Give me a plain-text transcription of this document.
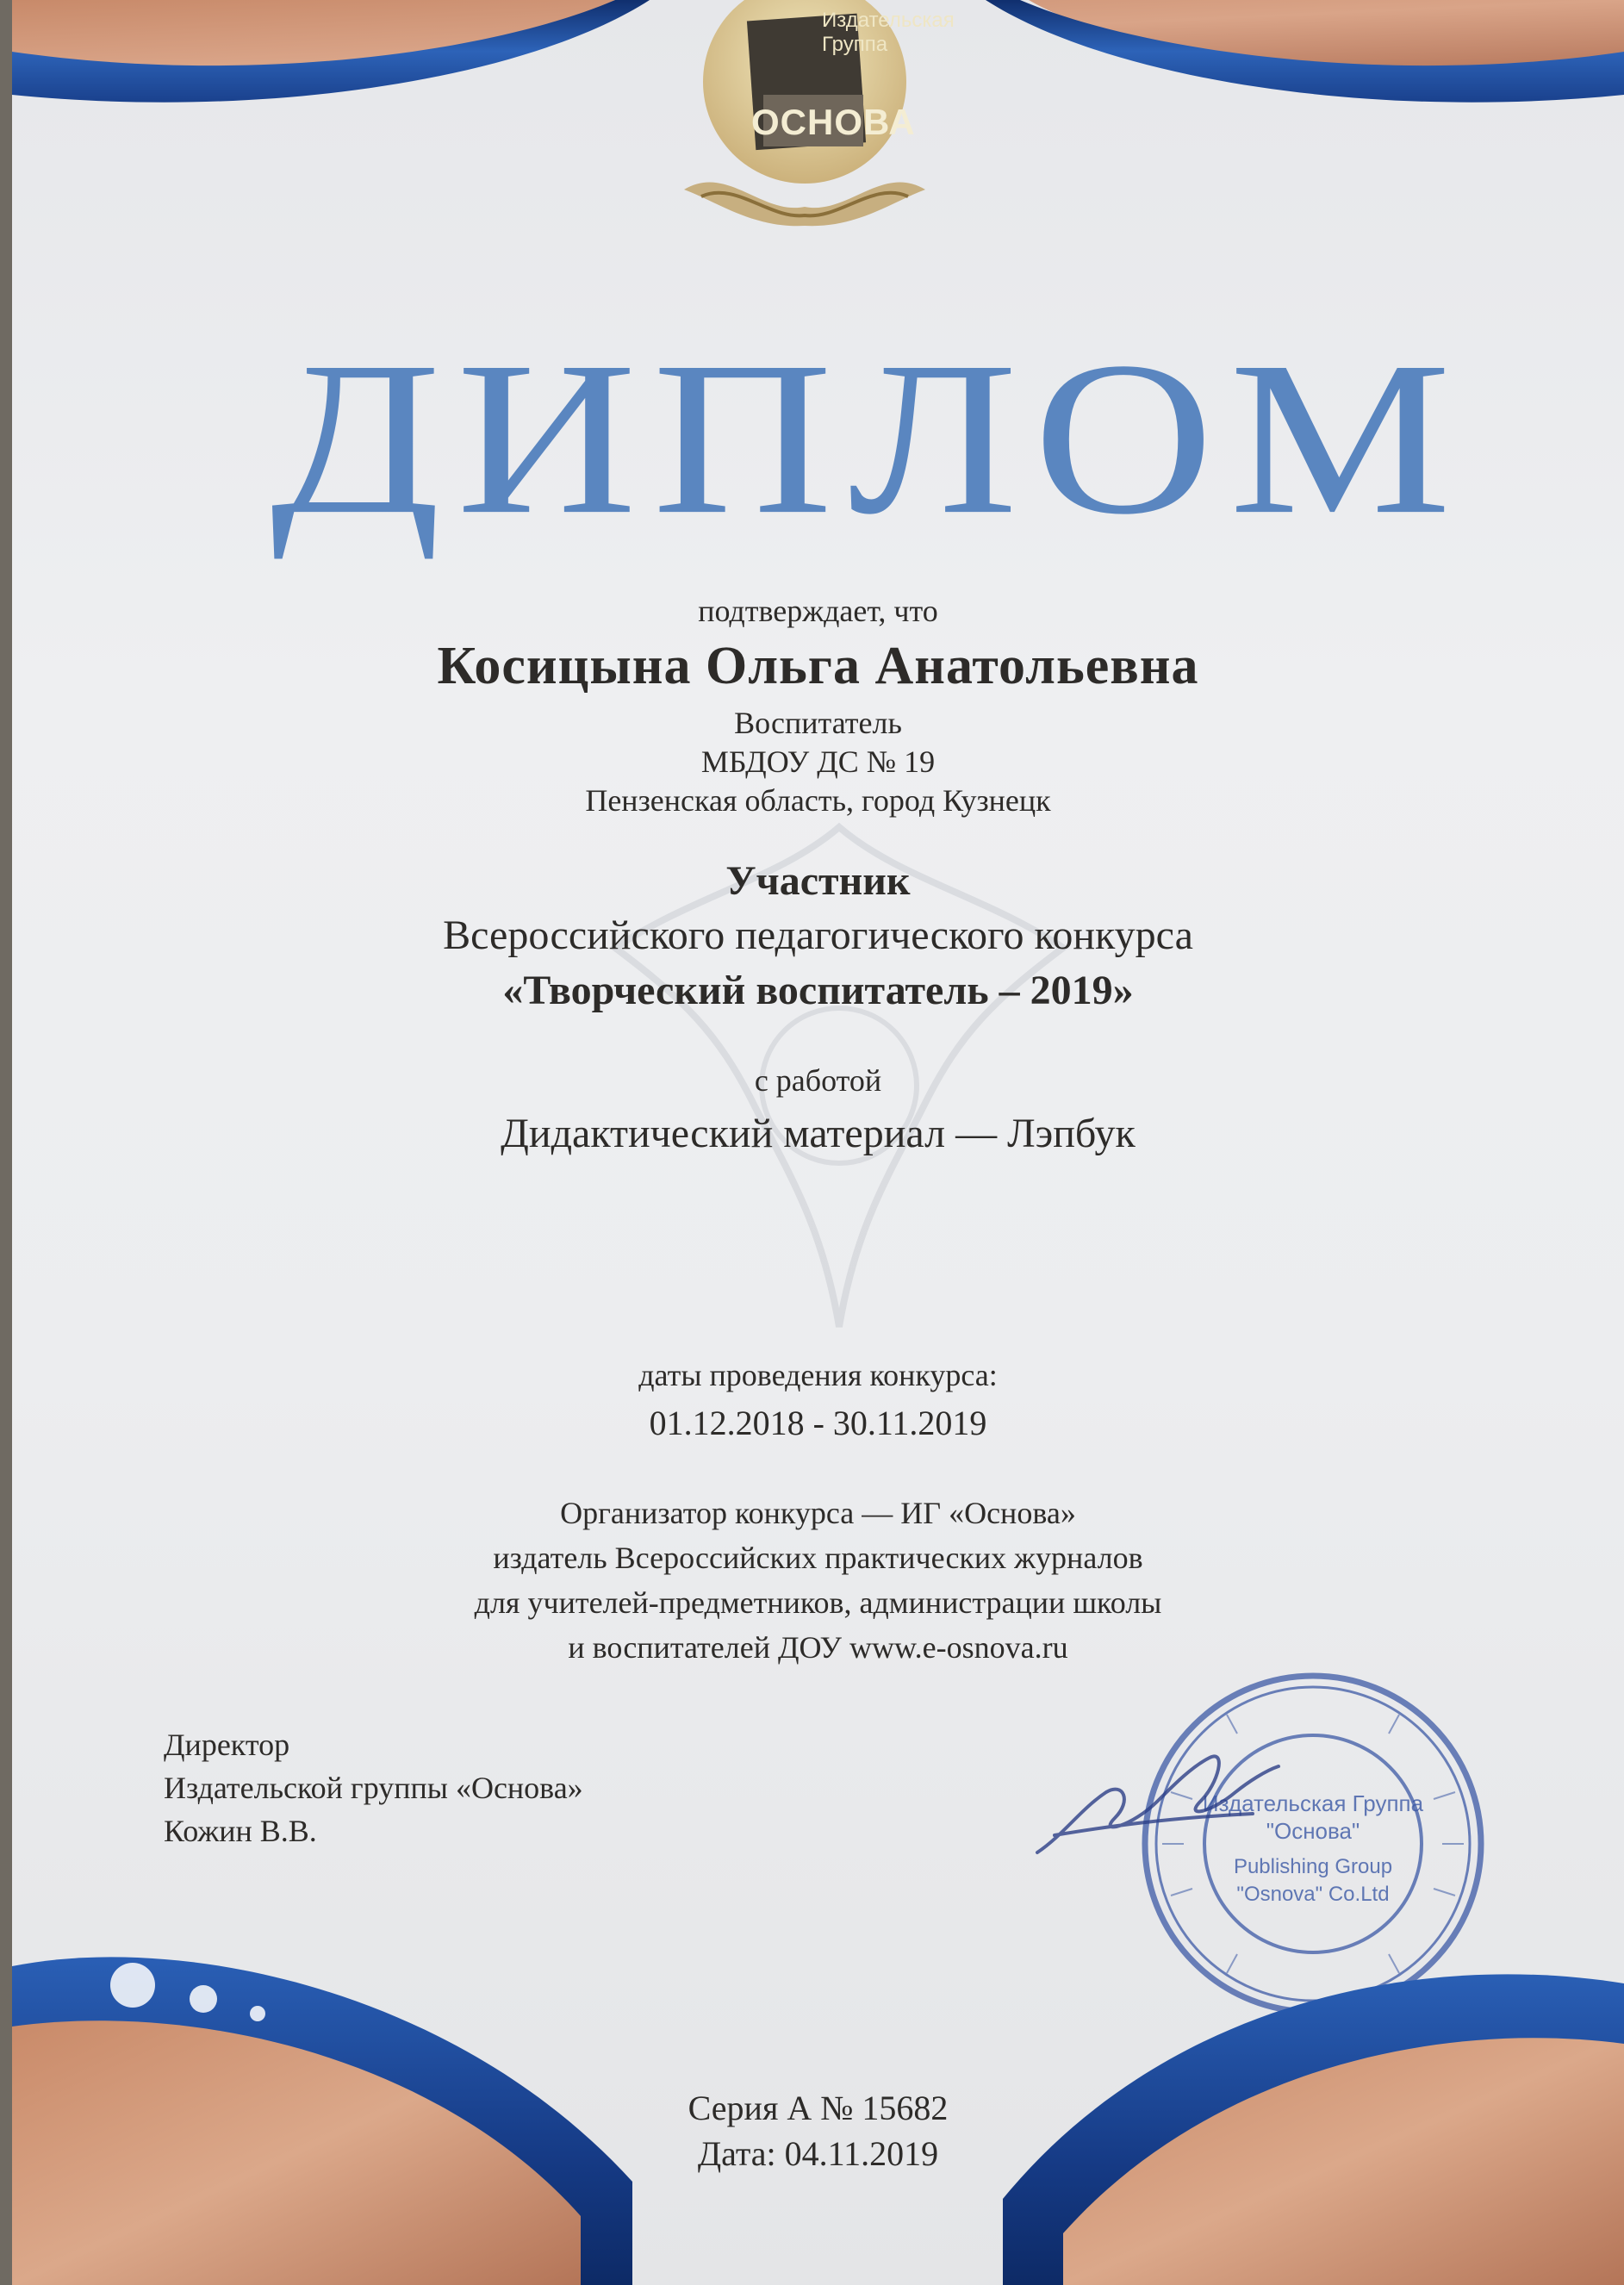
Издательская Группа
ОСНОВА
ДИПЛОМ
подтверждает, что
Косицына Ольга Анатольевна
Воспитатель
МБДОУ ДС № 19
Пензенская область, город Кузнецк
Участник
Всероссийского педагогического конкурса
«Творческий воспитатель – 2019»
с работой
Дидактический материал — Лэпбук
даты проведения конкурса:
01.12.2018 - 30.11.2019
Организатор конкурса — ИГ «Основа»
издатель Всероссийских практических журналов
для учителей-предметников, администрации школы
и воспитателей ДОУ www.e-osnova.ru
Директор
Издательской группы «Основа»
Кожин В.В.
Издательская Группа
"Основа"
Publishing Group
"Osnova" Co.Ltd
Серия А № 15682
Дата: 04.11.2019
